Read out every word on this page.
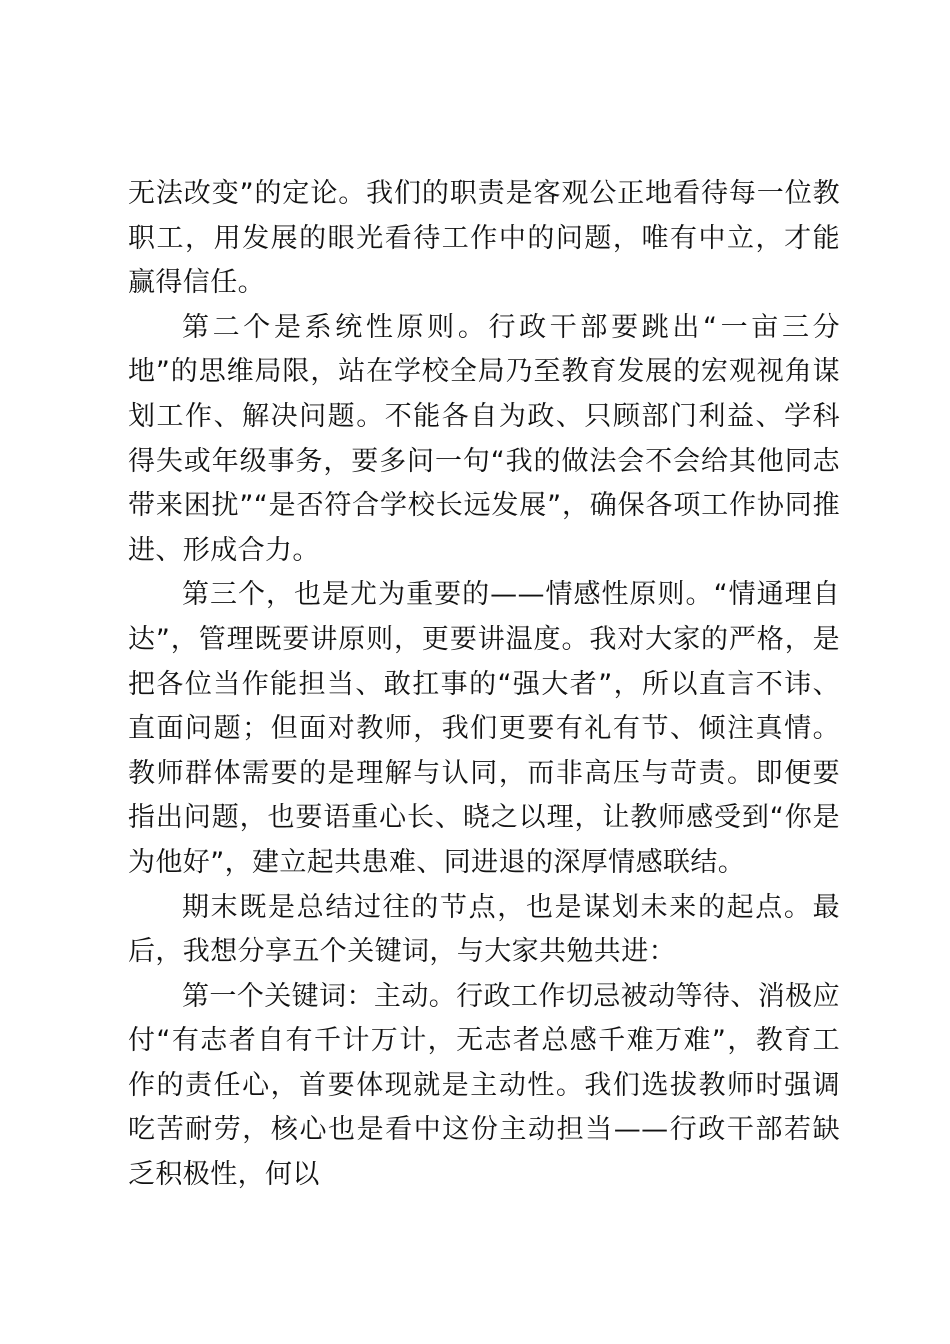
无法改变”的定论。我们的职责是客观公正地看待每一位教职工，用发展的眼光看待工作中的问题，唯有中立，才能赢得信任。

第二个是系统性原则。行政干部要跳出“一亩三分地”的思维局限，站在学校全局乃至教育发展的宏观视角谋划工作、解决问题。不能各自为政、只顾部门利益、学科得失或年级事务，要多问一句“我的做法会不会给其他同志带来困扰”“是否符合学校长远发展”，确保各项工作协同推进、形成合力。

第三个，也是尤为重要的——情感性原则。“情通理自达”，管理既要讲原则，更要讲温度。我对大家的严格，是把各位当作能担当、敢扛事的“强大者”，所以直言不讳、直面问题；但面对教师，我们更要有礼有节、倾注真情。教师群体需要的是理解与认同，而非高压与苛责。即便要指出问题，也要语重心长、晓之以理，让教师感受到“你是为他好”，建立起共患难、同进退的深厚情感联结。

期末既是总结过往的节点，也是谋划未来的起点。最后，我想分享五个关键词，与大家共勉共进：

第一个关键词：主动。行政工作切忌被动等待、消极应付“有志者自有千计万计，无志者总感千难万难”，教育工作的责任心，首要体现就是主动性。我们选拔教师时强调吃苦耐劳，核心也是看中这份主动担当——行政干部若缺乏积极性，何以
